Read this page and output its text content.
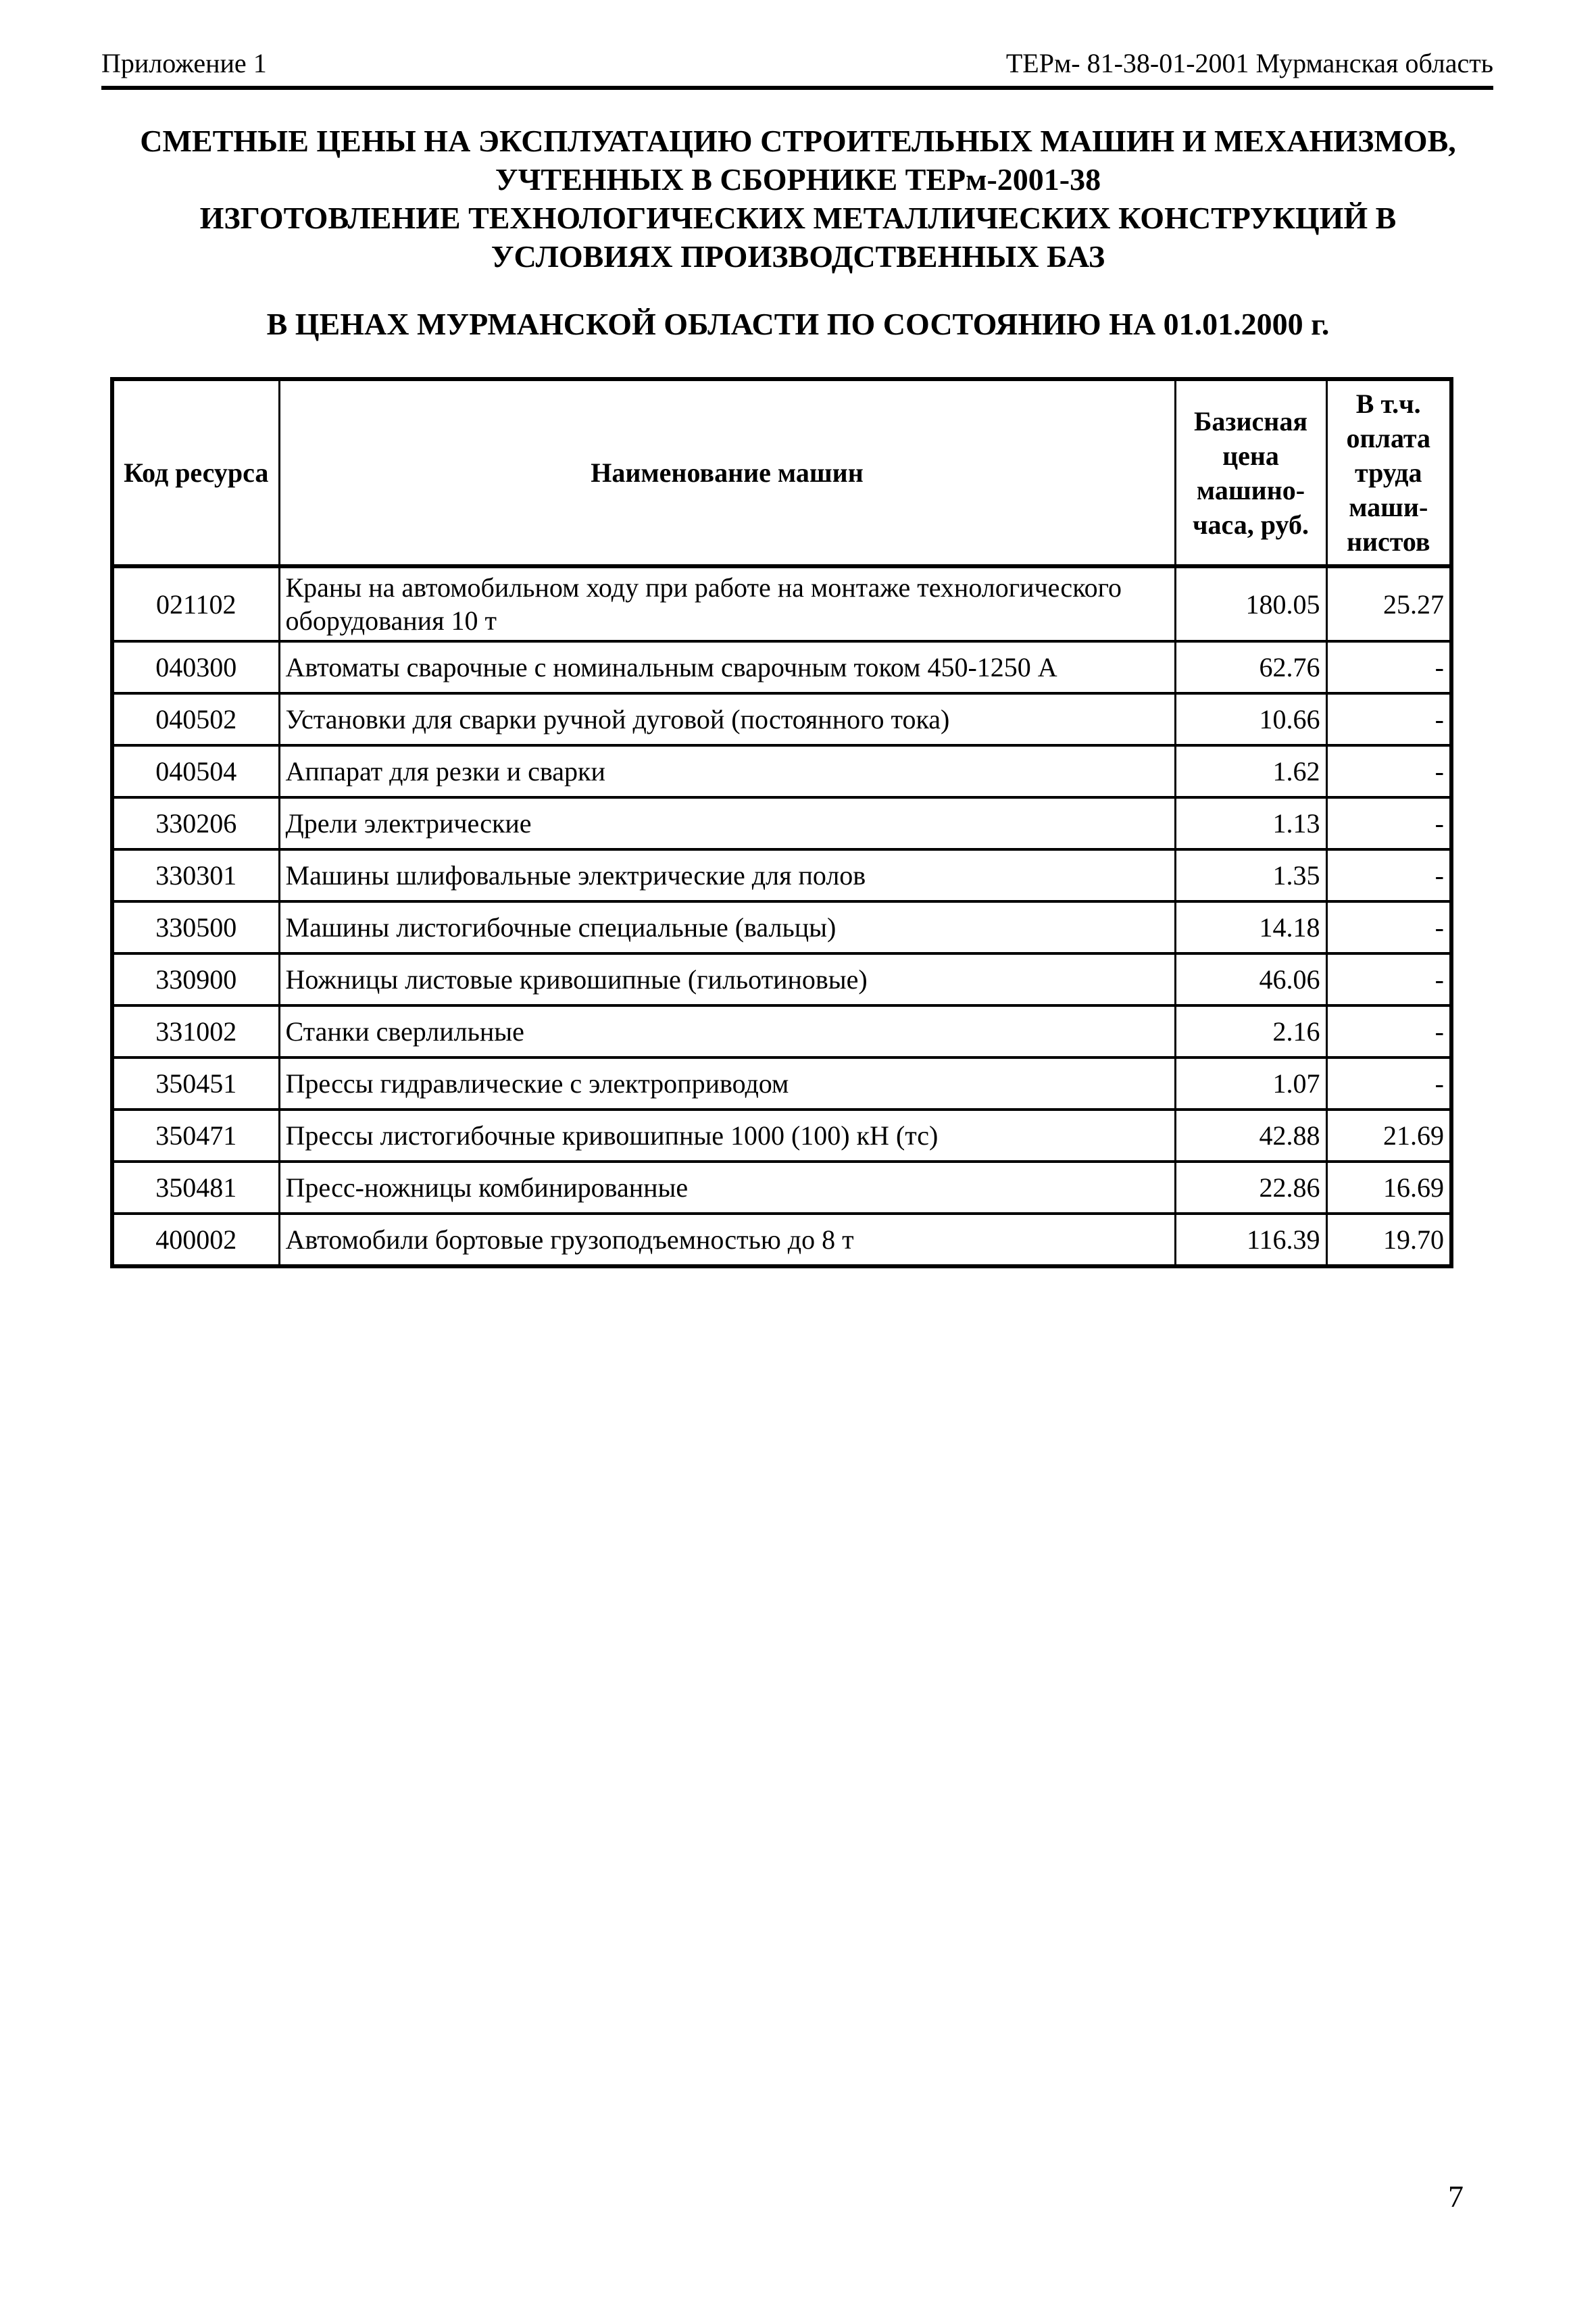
Приложение 1	ТЕРм- 81-38-01-2001 Мурманская область
СМЕТНЫЕ ЦЕНЫ НА ЭКСПЛУАТАЦИЮ СТРОИТЕЛЬНЫХ МАШИН И МЕХАНИЗМОВ,
УЧТЕННЫХ В СБОРНИКЕ ТЕРм-2001-38
ИЗГОТОВЛЕНИЕ ТЕХНОЛОГИЧЕСКИХ МЕТАЛЛИЧЕСКИХ КОНСТРУКЦИЙ В
УСЛОВИЯХ ПРОИЗВОДСТВЕННЫХ БАЗ
В ЦЕНАХ МУРМАНСКОЙ ОБЛАСТИ ПО СОСТОЯНИЮ НА 01.01.2000 г.
Код ресурса	Наименование машин	Базисная цена машино-часа, руб.	В т.ч. оплата труда маши-нистов
021102	Краны на автомобильном ходу при работе на монтаже технологического оборудования 10 т	180.05	25.27
040300	Автоматы сварочные с номинальным сварочным током 450-1250 А	62.76	-
040502	Установки для сварки ручной дуговой (постоянного тока)	10.66	-
040504	Аппарат для резки и сварки	1.62	-
330206	Дрели электрические	1.13	-
330301	Машины шлифовальные электрические для полов	1.35	-
330500	Машины листогибочные специальные (вальцы)	14.18	-
330900	Ножницы листовые кривошипные (гильотиновые)	46.06	-
331002	Станки сверлильные	2.16	-
350451	Прессы гидравлические с электроприводом	1.07	-
350471	Прессы листогибочные кривошипные 1000 (100) кН (тс)	42.88	21.69
350481	Пресс-ножницы комбинированные	22.86	16.69
400002	Автомобили бортовые грузоподъемностью до 8 т	116.39	19.70
7
